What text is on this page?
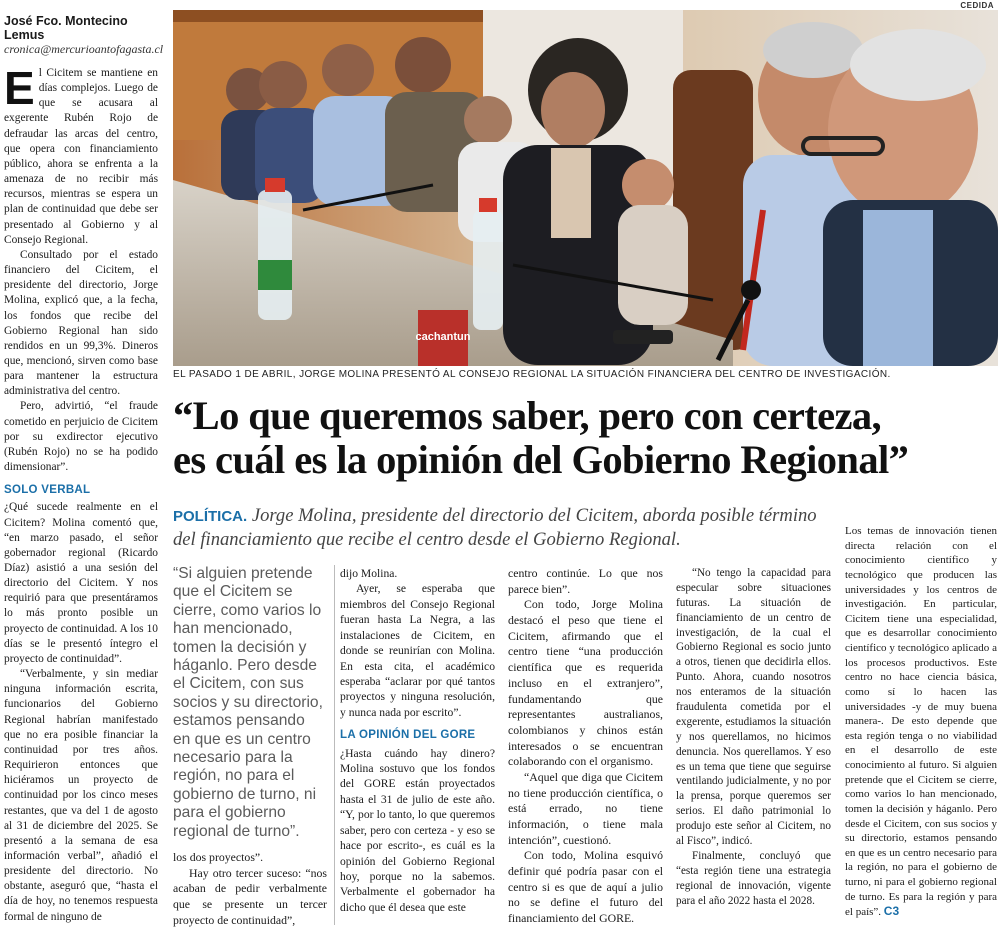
José Fco. Montecino Lemus
cronica@mercurioantofagasta.cl

El Cicitem se mantiene en días complejos. Luego de que se acusara al exgerente Rubén Rojo de defraudar las arcas del centro, que opera con financiamiento público, ahora se enfrenta a la amenaza de no recibir más recursos, mientras se espera un plan de continuidad que debe ser presentado al Gobierno y al Consejo Regional.

Consultado por el estado financiero del Cicitem, el presidente del directorio, Jorge Molina, explicó que, a la fecha, los fondos que recibe del Gobierno Regional han sido rendidos en un 99,3%. Dineros que, mencionó, sirven como base para mantener la estructura administrativa del centro.

Pero, advirtió, “el fraude cometido en perjuicio de Cicitem por su exdirector ejecutivo (Rubén Rojo) no se ha podido dimensionar”.

SOLO VERBAL

¿Qué sucede realmente en el Cicitem? Molina comentó que, “en marzo pasado, el señor gobernador regional (Ricardo Díaz) asistió a una sesión del directorio del Cicitem. Y nos requirió para que presentáramos lo más pronto posible un proyecto de continuidad. A los 10 días se le presentó íntegro el proyecto de continuidad”.

“Verbalmente, y sin mediar ninguna información escrita, funcionarios del Gobierno Regional habrían manifestado que no era posible financiar la continuidad por tres años. Requirieron entonces que hiciéramos un proyecto de continuidad por los cinco meses restantes, que va del 1 de agosto al 31 de diciembre del 2025. Se presentó a la semana de esa información verbal”, añadió el presidente del directorio. No obstante, aseguró que, “hasta el día de hoy, no tenemos respuesta formal de ninguno de

cachantun
CEDIDA
EL PASADO 1 DE ABRIL, JORGE MOLINA PRESENTÓ AL CONSEJO REGIONAL LA SITUACIÓN FINANCIERA DEL CENTRO DE INVESTIGACIÓN.
“Lo que queremos saber, pero con certeza,
es cuál es la opinión del Gobierno Regional”
POLÍTICA. Jorge Molina, presidente del directorio del Cicitem, aborda posible término del financiamiento que recibe el centro desde el Gobierno Regional.
“Si alguien pretende que el Cicitem se cierre, como varios lo han mencionado, tomen la decisión y háganlo. Pero desde el Cicitem, con sus socios y su directorio, estamos pensando en que es un centro necesario para la región, no para el gobierno de turno, ni para el gobierno regional de turno”.

los dos proyectos”.

Hay otro tercer suceso: “nos acaban de pedir verbalmente que se presente un tercer proyecto de continuidad”,

dijo Molina.

Ayer, se esperaba que miembros del Consejo Regional fueran hasta La Negra, a las instalaciones de Cicitem, en donde se reunirían con Molina. En esta cita, el académico esperaba “aclarar por qué tantos proyectos y ninguna resolución, y nunca nada por escrito”.

LA OPINIÓN DEL GORE

¿Hasta cuándo hay dinero? Molina sostuvo que los fondos del GORE están proyectados hasta el 31 de julio de este año. “Y, por lo tanto, lo que queremos saber, pero con certeza - y eso se hace por escrito-, es cuál es la opinión del Gobierno Regional hoy, porque no la sabemos. Verbalmente el gobernador ha dicho que él desea que este

centro continúe. Lo que nos parece bien”.

Con todo, Jorge Molina destacó el peso que tiene el Cicitem, afirmando que el centro tiene “una producción científica que es requerida incluso en el extranjero”, fundamentando que representantes australianos, colombianos y chinos están interesados o se encuentran colaborando con el organismo.

“Aquel que diga que Cicitem no tiene producción científica, o está errado, no tiene información, o tiene mala intención”, cuestionó.

Con todo, Molina esquivó definir qué podría pasar con el centro si es que de aquí a julio no se define el futuro del financiamiento del GORE.

“No tengo la capacidad para especular sobre situaciones futuras. La situación de financiamiento de un centro de investigación, de la cual el Gobierno Regional es socio junto a otros, tienen que decidirla ellos. Punto. Ahora, cuando nosotros nos enteramos de la situación fraudulenta cometida por el exgerente, estudiamos la situación y nos querellamos, no hicimos denuncia. Nos querellamos. Y eso es un tema que tiene que seguirse ventilando judicialmente, y no por la prensa, porque queremos ser serios. El daño patrimonial lo produjo este señor al Cicitem, no al Fisco”, indicó.

Finalmente, concluyó que “esta región tiene una estrategia regional de innovación, vigente para el año 2022 hasta el 2028.

Los temas de innovación tienen directa relación con el conocimiento científico y tecnológico que producen las universidades y los centros de investigación. En particular, Cicitem tiene una especialidad, que es desarrollar conocimiento científico y tecnológico aplicado a los procesos productivos. Este centro no hace ciencia básica, como sí lo hacen las universidades -y de muy buena manera-. De esto depende que esta región tenga o no viabilidad en el desarrollo de este conocimiento al futuro. Si alguien pretende que el Cicitem se cierre, como varios lo han mencionado, tomen la decisión y háganlo. Pero desde el Cicitem, con sus socios y su directorio, estamos pensando en que es un centro necesario para la región, no para el gobierno de turno, ni para el gobierno regional de turno. Es para la región y para el país”. C3
